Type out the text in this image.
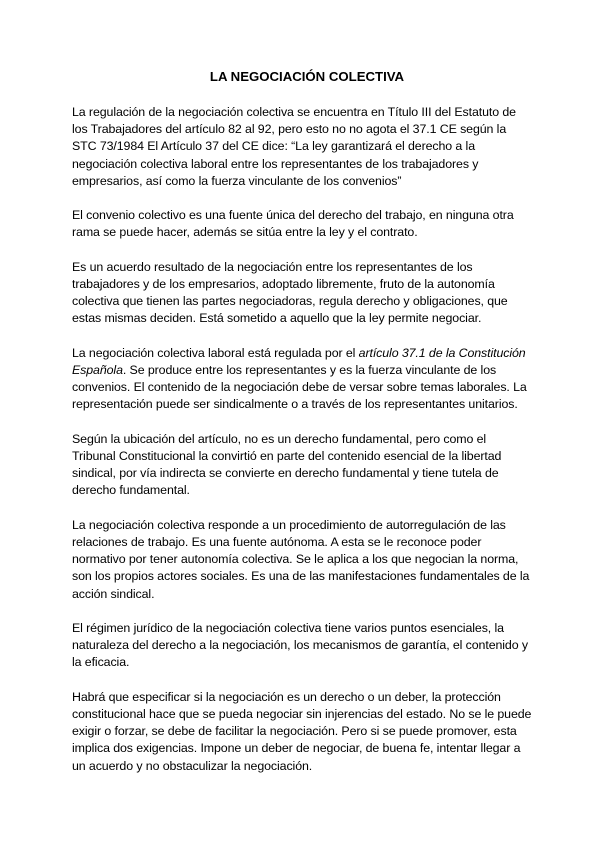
LA NEGOCIACIÓN COLECTIVA

La regulación de la negociación colectiva se encuentra en Título III del Estatuto de los Trabajadores del artículo 82 al 92, pero esto no no agota el 37.1 CE según la STC 73/1984 El Artículo 37 del CE dice: “La ley garantizará el derecho a la negociación colectiva laboral entre los representantes de los trabajadores y empresarios, así como la fuerza vinculante de los convenios”

El convenio colectivo es una fuente única del derecho del trabajo, en ninguna otra rama se puede hacer, además se sitúa entre la ley y el contrato.

Es un acuerdo resultado de la negociación entre los representantes de los trabajadores y de los empresarios, adoptado libremente, fruto de la autonomía colectiva que tienen las partes negociadoras, regula derecho y obligaciones, que estas mismas deciden. Está sometido a aquello que la ley permite negociar.

La negociación colectiva laboral está regulada por el artículo 37.1 de la Constitución Española. Se produce entre los representantes y es la fuerza vinculante de los convenios. El contenido de la negociación debe de versar sobre temas laborales. La representación puede ser sindicalmente o a través de los representantes unitarios.

Según la ubicación del artículo, no es un derecho fundamental, pero como el Tribunal Constitucional la convirtió en parte del contenido esencial de la libertad sindical, por vía indirecta se convierte en derecho fundamental y tiene tutela de derecho fundamental.

La negociación colectiva responde a un procedimiento de autorregulación de las relaciones de trabajo. Es una fuente autónoma. A esta se le reconoce poder normativo por tener autonomía colectiva. Se le aplica a los que negocian la norma, son los propios actores sociales. Es una de las manifestaciones fundamentales de la acción sindical.

El régimen jurídico de la negociación colectiva tiene varios puntos esenciales, la naturaleza del derecho a la negociación, los mecanismos de garantía, el contenido y la eficacia.

Habrá que especificar si la negociación es un derecho o un deber, la protección constitucional hace que se pueda negociar sin injerencias del estado. No se le puede exigir o forzar, se debe de facilitar la negociación. Pero si se puede promover, esta implica dos exigencias. Impone un deber de negociar, de buena fe, intentar llegar a un acuerdo y no obstaculizar la negociación.
